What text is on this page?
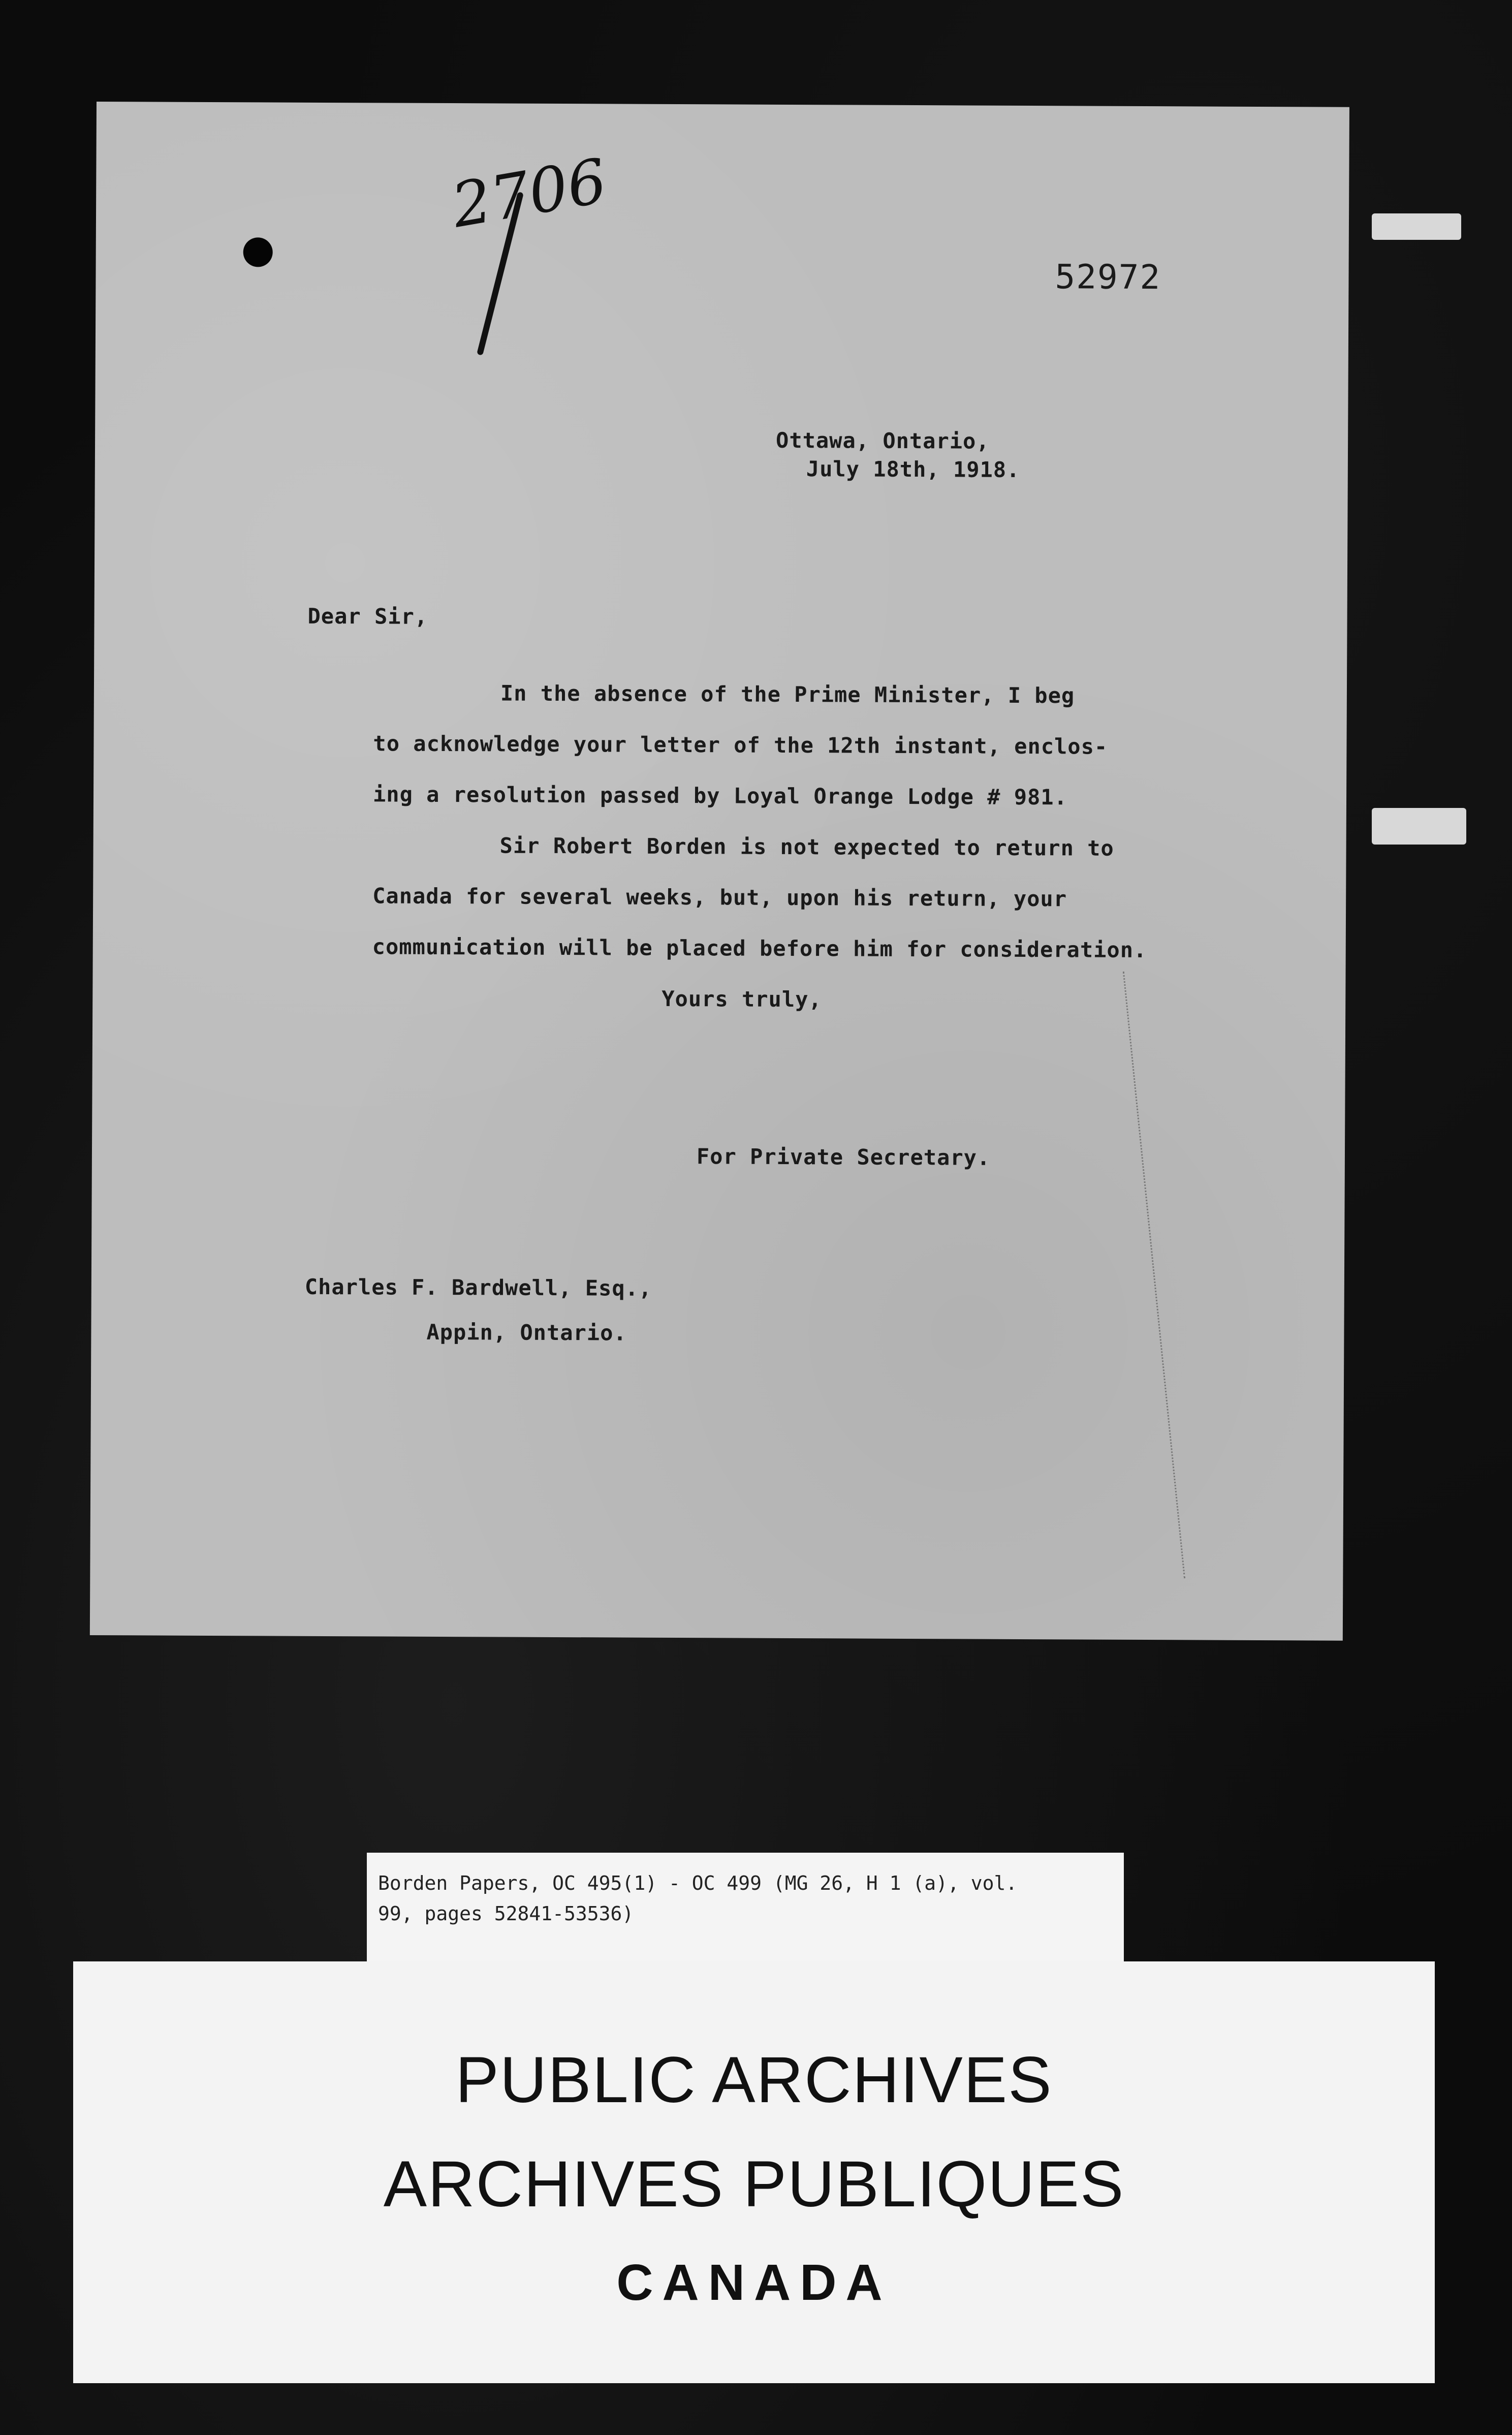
2706
52972
Ottawa, Ontario,
July 18th, 1918.
Dear Sir,
In the absence of the Prime Minister, I beg
to acknowledge your letter of the 12th instant, enclos-
ing a resolution passed by Loyal Orange Lodge # 981.
Sir Robert Borden is not expected to return to
Canada for several weeks, but, upon his return, your
communication will be placed before him for consideration.
Yours truly,
For Private Secretary.
Charles F. Bardwell, Esq.,
Appin, Ontario.
Borden Papers, OC 495(1) - OC 499 (MG 26, H 1 (a), vol.
99, pages 52841-53536)
PUBLIC ARCHIVES
ARCHIVES PUBLIQUES
CANADA
